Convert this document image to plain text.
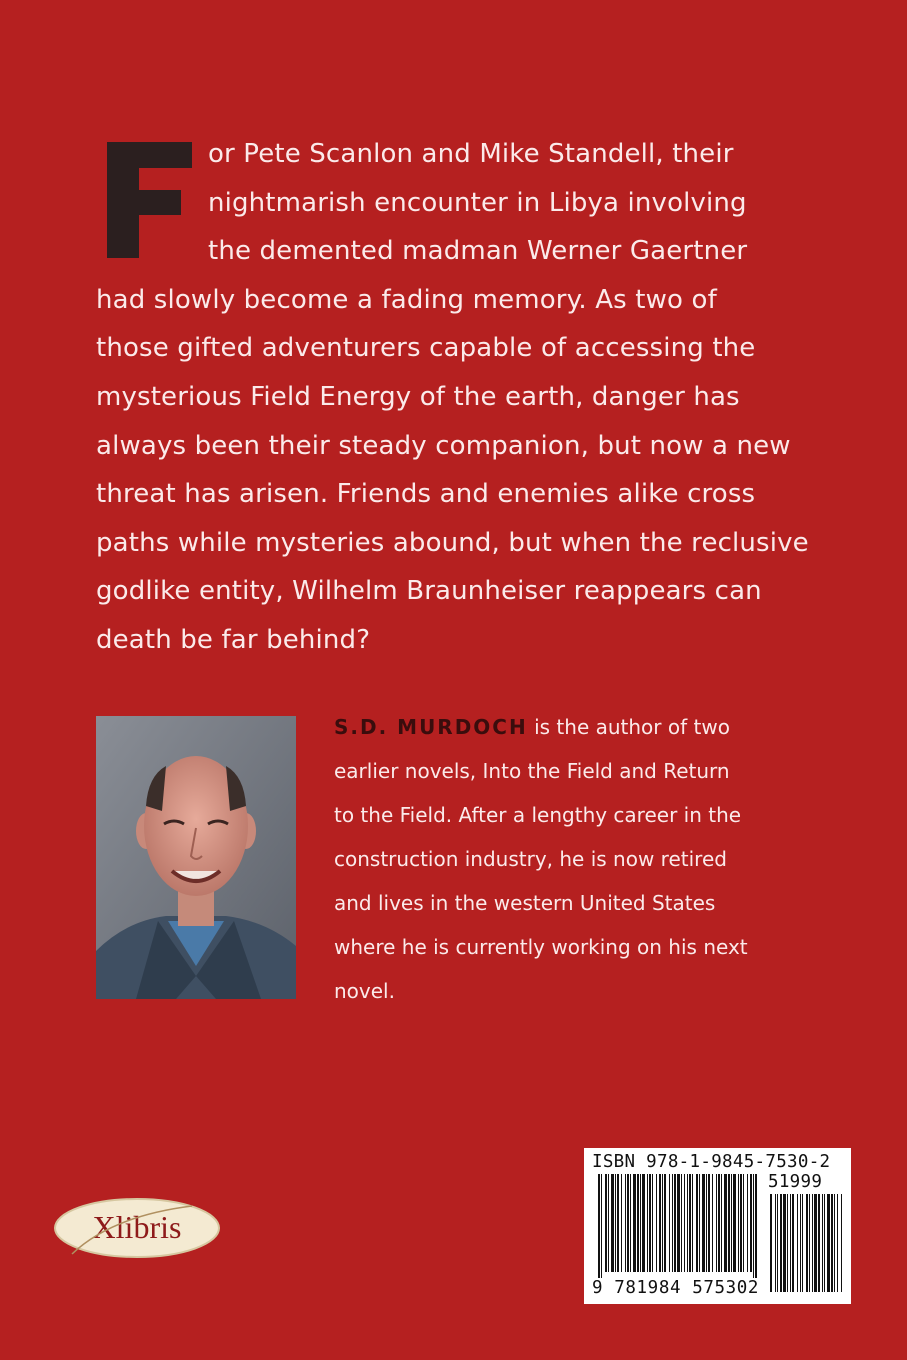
or Pete Scanlon and Mike Standell, their
nightmarish encounter in Libya involving
the demented madman Werner Gaertner
had slowly become a fading memory. As two of
those gifted adventurers capable of accessing the
mysterious Field Energy of the earth, danger has
always been their steady companion, but now a new
threat has arisen. Friends and enemies alike cross
paths while mysteries abound, but when the reclusive
godlike entity, Wilhelm Braunheiser reappears can
death be far behind?
S.D. MURDOCH is the author of two
earlier novels, Into the Field and Return
to the Field. After a lengthy career in the
construction industry, he is now retired
and lives in the western United States
where he is currently working on his next
novel.
Xlibris
ISBN 978-1-9845-7530-2
51999
9 781984 575302
